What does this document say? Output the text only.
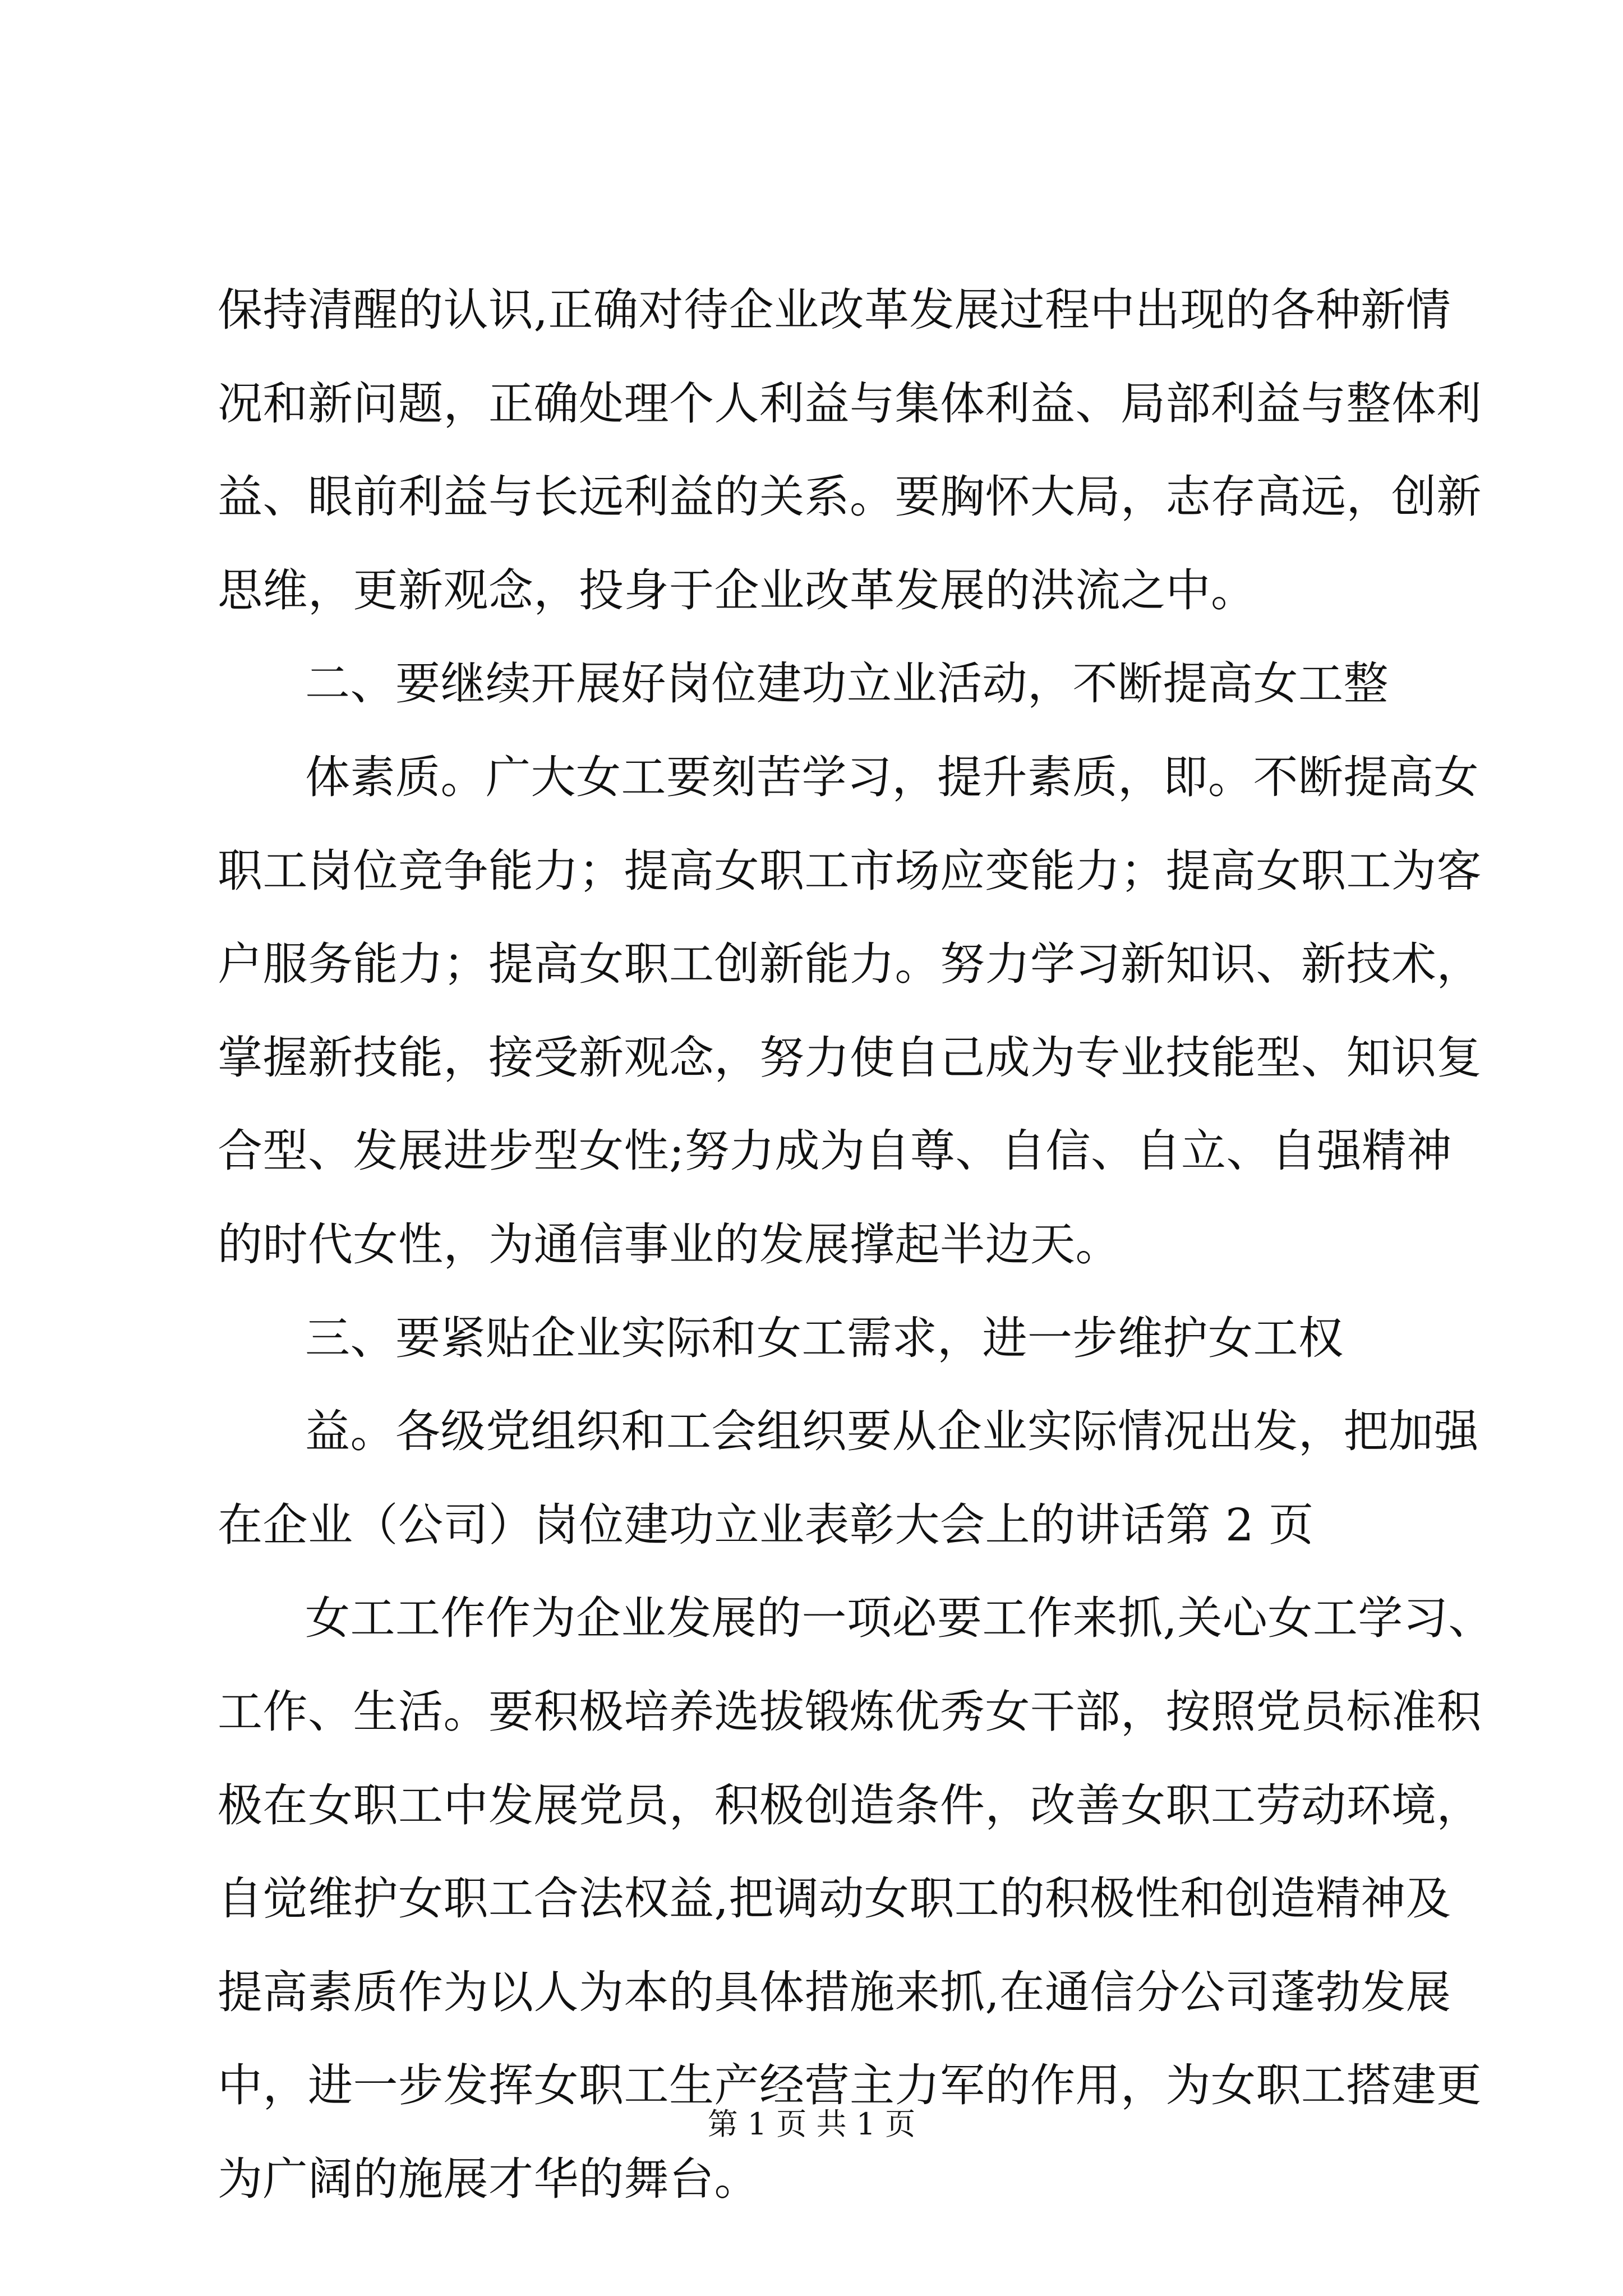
保持清醒的认识,正确对待企业改革发展过程中出现的各种新情
况和新问题，正确处理个人利益与集体利益、局部利益与整体利
益、眼前利益与长远利益的关系。要胸怀大局，志存高远，创新
思维，更新观念，投身于企业改革发展的洪流之中。
二、要继续开展好岗位建功立业活动，不断提高女工整
体素质。广大女工要刻苦学习，提升素质，即。不断提高女
职工岗位竞争能力；提高女职工市场应变能力；提高女职工为客
户服务能力；提高女职工创新能力。努力学习新知识、新技术，
掌握新技能，接受新观念，努力使自己成为专业技能型、知识复
合型、发展进步型女性;努力成为自尊、自信、自立、自强精神
的时代女性，为通信事业的发展撑起半边天。
三、要紧贴企业实际和女工需求，进一步维护女工权
益。各级党组织和工会组织要从企业实际情况出发，把加强
在企业（公司）岗位建功立业表彰大会上的讲话第 2 页
女工工作作为企业发展的一项必要工作来抓,关心女工学习、
工作、生活。要积极培养选拔锻炼优秀女干部，按照党员标准积
极在女职工中发展党员，积极创造条件，改善女职工劳动环境，
自觉维护女职工合法权益,把调动女职工的积极性和创造精神及
提高素质作为以人为本的具体措施来抓,在通信分公司蓬勃发展
中，进一步发挥女职工生产经营主力军的作用，为女职工搭建更
为广阔的施展才华的舞台。
第 1 页 共 1 页
